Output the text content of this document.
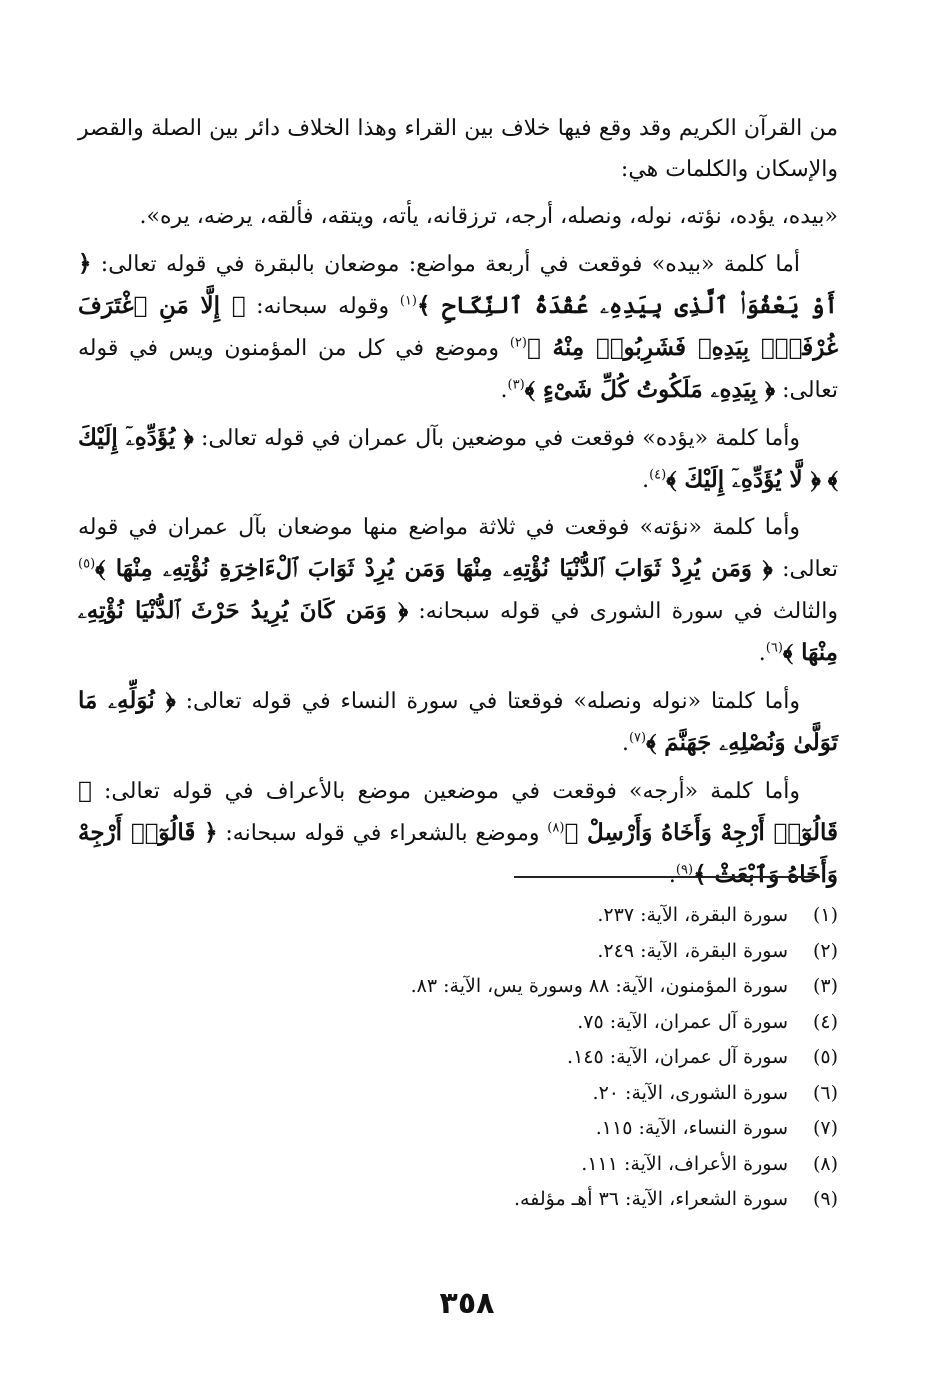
من القرآن الكريم وقد وقع فيها خلاف بين القراء وهذا الخلاف دائر بين الصلة والقصر والإسكان والكلمات هي:

«بيده، يؤده، نؤته، نوله، ونصله، أرجه، ترزقانه، يأته، ويتقه، فألقه، يرضه، يره».

أما كلمة «بيده» فوقعت في أربعة مواضع: موضعان بالبقرة في قوله تعالى: ﴿ أَوْ يَعْفُوَا۟ ٱلَّذِى بِيَدِهِۦ عُقْدَةُ ٱلنِّكَاحِ ﴾$^{(١)}$ وقوله سبحانه: ﴿ إِلَّا مَنِ ٱغْتَرَفَ غُرْفَةًۢ بِيَدِهِۦ فَشَرِبُوا۟ مِنْهُ ﴾$^{(٢)}$ وموضع في كل من المؤمنون ويس في قوله تعالى: ﴿ بِيَدِهِۦ مَلَكُوتُ كُلِّ شَىْءٍ ﴾$^{(٣)}$.

وأما كلمة «يؤده» فوقعت في موضعين بآل عمران في قوله تعالى: ﴿ يُؤَدِّهِۦٓ إِلَيْكَ ﴾ ﴿ لَّا يُؤَدِّهِۦٓ إِلَيْكَ ﴾$^{(٤)}$.

وأما كلمة «نؤته» فوقعت في ثلاثة مواضع منها موضعان بآل عمران في قوله تعالى: ﴿ وَمَن يُرِدْ ثَوَابَ ٱلدُّنْيَا نُؤْتِهِۦ مِنْهَا وَمَن يُرِدْ ثَوَابَ ٱلْءَاخِرَةِ نُؤْتِهِۦ مِنْهَا ﴾$^{(٥)}$ والثالث في سورة الشورى في قوله سبحانه: ﴿ وَمَن كَانَ يُرِيدُ حَرْثَ ٱلدُّنْيَا نُؤْتِهِۦ مِنْهَا ﴾$^{(٦)}$.

وأما كلمتا «نوله ونصله» فوقعتا في سورة النساء في قوله تعالى: ﴿ نُوَلِّهِۦ مَا تَوَلَّىٰ وَنُصْلِهِۦ جَهَنَّمَ ﴾$^{(٧)}$.

وأما كلمة «أرجه» فوقعت في موضعين موضع بالأعراف في قوله تعالى: ﴿ قَالُوٓا۟ أَرْجِهْ وَأَخَاهُ وَأَرْسِلْ ﴾$^{(٨)}$ وموضع بالشعراء في قوله سبحانه: ﴿ قَالُوٓا۟ أَرْجِهْ وَأَخَاهُ وَٱبْعَثْ ﴾$^{(٩)}$.

(١)
سورة البقرة، الآية: ٢٣٧.
(٢)
سورة البقرة، الآية: ٢٤٩.
(٣)
سورة المؤمنون، الآية: ٨٨ وسورة يس، الآية: ٨٣.
(٤)
سورة آل عمران، الآية: ٧٥.
(٥)
سورة آل عمران، الآية: ١٤٥.
(٦)
سورة الشورى، الآية: ٢٠.
(٧)
سورة النساء، الآية: ١١٥.
(٨)
سورة الأعراف، الآية: ١١١.
(٩)
سورة الشعراء، الآية: ٣٦ أهـ مؤلفه.
٣٥٨
